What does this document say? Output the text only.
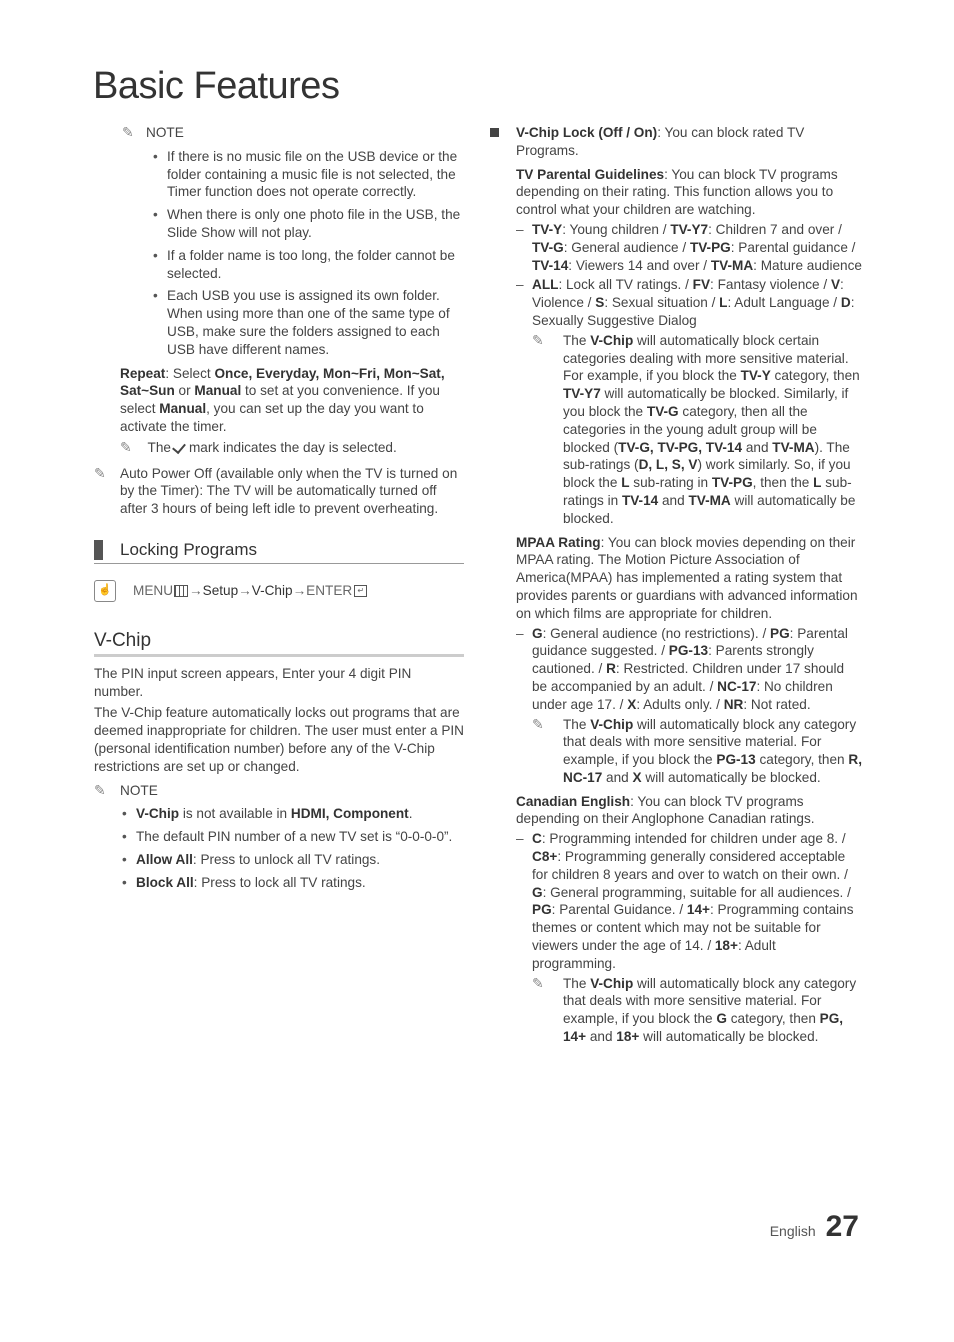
Basic Features
✎ NOTE
• If there is no music file on the USB device or the folder containing a music file is not selected, the Timer function does not operate correctly.
• When there is only one photo file in the USB, the Slide Show will not play.
• If a folder name is too long, the folder cannot be selected.
• Each USB you use is assigned its own folder. When using more than one of the same type of USB, make sure the folders assigned to each USB have different names.

Repeat: Select Once, Everyday, Mon~Fri, Mon~Sat, Sat~Sun or Manual to set at you convenience. If you select Manual, you can set up the day you want to activate the timer.

✎ The mark indicates the day is selected.
✎	Auto Power Off (available only when the TV is turned on by the Timer): The TV will be automatically turned off after 3 hours of being left idle to prevent overheating.
Locking Programs
☝	MENU → Setup → V-Chip → ENTER ↵
V-Chip

The PIN input screen appears, Enter your 4 digit PIN number.

The V-Chip feature automatically locks out programs that are deemed inappropriate for children. The user must enter a PIN (personal identification number) before any of the V-Chip restrictions are set up or changed.

✎	NOTE
• V-Chip is not available in HDMI, Component.
• The default PIN number of a new TV set is “0-0-0-0”.
• Allow All: Press to unlock all TV ratings.
• Block All: Press to lock all TV ratings.

V-Chip Lock (Off / On): You can block rated TV Programs.

TV Parental Guidelines: You can block TV programs depending on their rating. This function allows you to control what your children are watching.

– TV-Y: Young children / TV-Y7: Children 7 and over / TV-G: General audience / TV-PG: Parental guidance / TV-14: Viewers 14 and over / TV-MA: Mature audience
– ALL: Lock all TV ratings. / FV: Fantasy violence / V: Violence / S: Sexual situation / L: Adult Language / D: Sexually Suggestive Dialog
✎	The V-Chip will automatically block certain categories dealing with more sensitive material. For example, if you block the TV-Y category, then TV-Y7 will automatically be blocked. Similarly, if you block the TV-G category, then all the categories in the young adult group will be blocked (TV-G, TV-PG, TV-14 and TV-MA). The sub-ratings (D, L, S, V) work similarly. So, if you block the L sub-rating in TV-PG, then the L sub-ratings in TV-14 and TV-MA will automatically be blocked.

MPAA Rating: You can block movies depending on their MPAA rating. The Motion Picture Association of America(MPAA) has implemented a rating system that provides parents or guardians with advanced information on which films are appropriate for children.

– G: General audience (no restrictions). / PG: Parental guidance suggested. / PG-13: Parents strongly cautioned. / R: Restricted. Children under 17 should be accompanied by an adult. / NC-17: No children under age 17. / X: Adults only. / NR: Not rated.
✎	The V-Chip will automatically block any category that deals with more sensitive material. For example, if you block the PG-13 category, then R, NC-17 and X will automatically be blocked.

Canadian English: You can block TV programs depending on their Anglophone Canadian ratings.

– C: Programming intended for children under age 8. / C8+: Programming generally considered acceptable for children 8 years and over to watch on their own. / G: General programming, suitable for all audiences. / PG: Parental Guidance. / 14+: Programming contains themes or content which may not be suitable for viewers under the age of 14. / 18+: Adult programming.
✎	The V-Chip will automatically block any category that deals with more sensitive material. For example, if you block the G category, then PG, 14+ and 18+ will automatically be blocked.
English 27
